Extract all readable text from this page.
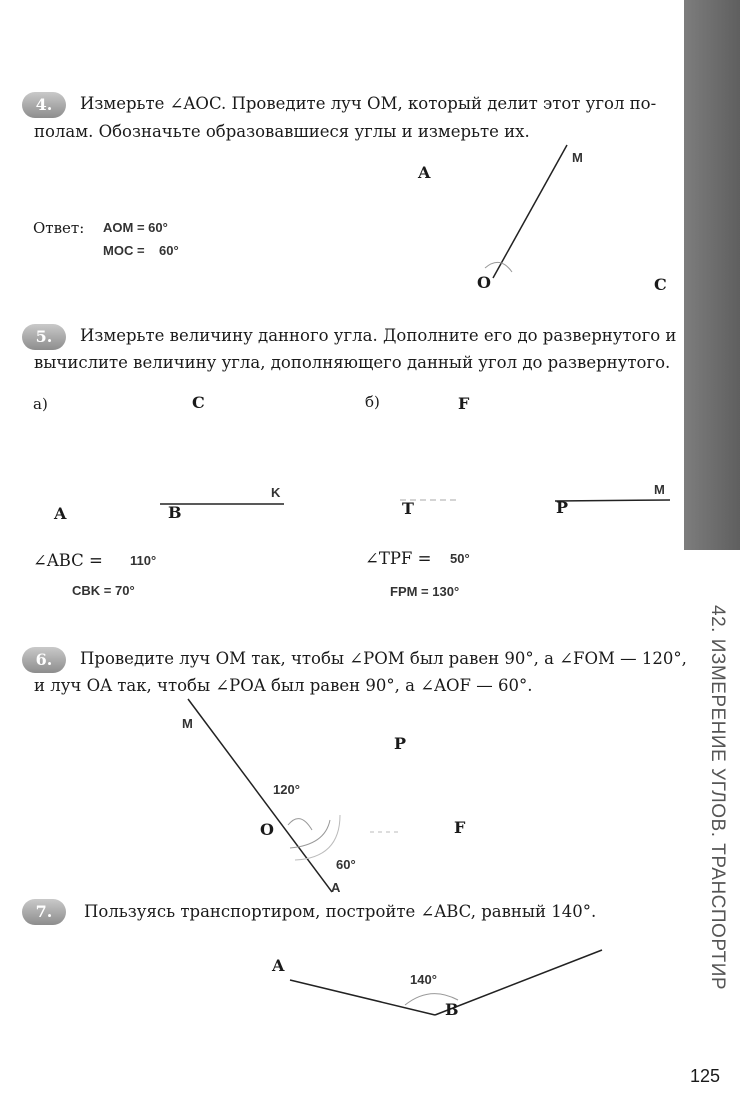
42. ИЗМЕРЕНИЕ УГЛОВ. ТРАНСПОРТИР
125
4.	Измерьте ∠AOC. Проведите луч OM, который делит этот угол по-
полам. Обозначьте образовавшиеся углы и измерьте их.
A
M
O	C
Ответ: AOM = 60°
MOC =    60°
5.	Измерьте величину данного угла. Дополните его до развернутого и
вычислите величину угла, дополняющего данный угол до развернутого.
а)	б)
C
A	B
K
F
T	P
M
∠ABC = 110°
CBK = 70°
∠TPF = 50°
FPM = 130°
6.	Проведите луч OM так, чтобы ∠POM был равен 90°, а ∠FOM — 120°,
и луч OA так, чтобы ∠POA был равен 90°, а ∠AOF — 60°.
M
P
O	F
A
120°
60°
7.	Пользуясь транспортиром, постройте ∠ABC, равный 140°.
A
B
140°
